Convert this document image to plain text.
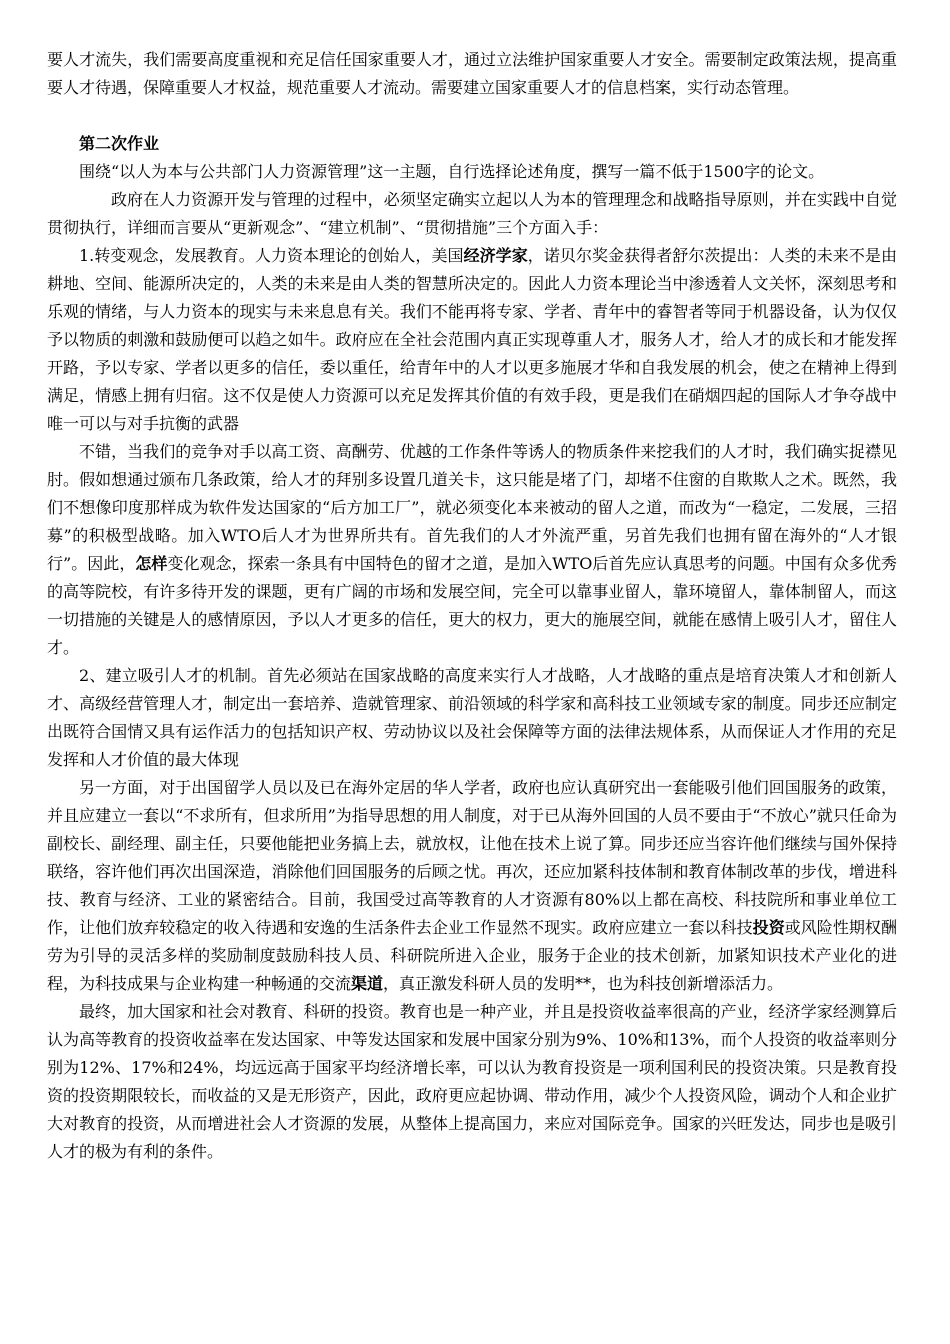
要人才流失，我们需要高度重视和充足信任国家重要人才，通过立法维护国家重要人才安全。需要制定政策法规，提高重要人才待遇，保障重要人才权益，规范重要人才流动。需要建立国家重要人才的信息档案，实行动态管理。

第二次作业

围绕“以人为本与公共部门人力资源管理”这一主题，自行选择论述角度，撰写一篇不低于1500字的论文。

政府在人力资源开发与管理的过程中，必须坚定确实立起以人为本的管理理念和战略指导原则，并在实践中自觉贯彻执行，详细而言要从“更新观念”、“建立机制”、“贯彻措施”三个方面入手：

1.转变观念，发展教育。人力资本理论的创始人，美国经济学家，诺贝尔奖金获得者舒尔茨提出：人类的未来不是由耕地、空间、能源所决定的，人类的未来是由人类的智慧所决定的。因此人力资本理论当中渗透着人文关怀，深刻思考和乐观的情绪，与人力资本的现实与未来息息有关。我们不能再将专家、学者、青年中的睿智者等同于机器设备，认为仅仅予以物质的刺激和鼓励便可以趋之如牛。政府应在全社会范围内真正实现尊重人才，服务人才，给人才的成长和才能发挥开路，予以专家、学者以更多的信任，委以重任，给青年中的人才以更多施展才华和自我发展的机会，使之在精神上得到满足，情感上拥有归宿。这不仅是使人力资源可以充足发挥其价值的有效手段，更是我们在硝烟四起的国际人才争夺战中唯一可以与对手抗衡的武器

不错，当我们的竞争对手以高工资、高酬劳、优越的工作条件等诱人的物质条件来挖我们的人才时，我们确实捉襟见肘。假如想通过颁布几条政策，给人才的拜别多设置几道关卡，这只能是堵了门，却堵不住窗的自欺欺人之术。既然，我们不想像印度那样成为软件发达国家的“后方加工厂”，就必须变化本来被动的留人之道，而改为“一稳定，二发展，三招募”的积极型战略。加入WTO后人才为世界所共有。首先我们的人才外流严重，另首先我们也拥有留在海外的“人才银行”。因此，怎样变化观念，探索一条具有中国特色的留才之道，是加入WTO后首先应认真思考的问题。中国有众多优秀的高等院校，有许多待开发的课题，更有广阔的市场和发展空间，完全可以靠事业留人，靠环境留人，靠体制留人，而这一切措施的关键是人的感情原因，予以人才更多的信任，更大的权力，更大的施展空间，就能在感情上吸引人才，留住人才。

2、建立吸引人才的机制。首先必须站在国家战略的高度来实行人才战略，人才战略的重点是培育决策人才和创新人才、高级经营管理人才，制定出一套培养、造就管理家、前沿领域的科学家和高科技工业领域专家的制度。同步还应制定出既符合国情又具有运作活力的包括知识产权、劳动协议以及社会保障等方面的法律法规体系，从而保证人才作用的充足发挥和人才价值的最大体现

另一方面，对于出国留学人员以及已在海外定居的华人学者，政府也应认真研究出一套能吸引他们回国服务的政策，并且应建立一套以“不求所有，但求所用”为指导思想的用人制度，对于已从海外回国的人员不要由于“不放心”就只任命为副校长、副经理、副主任，只要他能把业务搞上去，就放权，让他在技术上说了算。同步还应当容许他们继续与国外保持联络，容许他们再次出国深造，消除他们回国服务的后顾之忧。再次，还应加紧科技体制和教育体制改革的步伐，增进科技、教育与经济、工业的紧密结合。目前，我国受过高等教育的人才资源有80%以上都在高校、科技院所和事业单位工作，让他们放弃较稳定的收入待遇和安逸的生活条件去企业工作显然不现实。政府应建立一套以科技投资或风险性期权酬劳为引导的灵活多样的奖励制度鼓励科技人员、科研院所进入企业，服务于企业的技术创新，加紧知识技术产业化的进程，为科技成果与企业构建一种畅通的交流渠道，真正激发科研人员的发明**，也为科技创新增添活力。

最终，加大国家和社会对教育、科研的投资。教育也是一种产业，并且是投资收益率很高的产业，经济学家经测算后认为高等教育的投资收益率在发达国家、中等发达国家和发展中国家分别为9%、10%和13%，而个人投资的收益率则分别为12%、17%和24%，均远远高于国家平均经济增长率，可以认为教育投资是一项利国利民的投资决策。只是教育投资的投资期限较长，而收益的又是无形资产，因此，政府更应起协调、带动作用，减少个人投资风险，调动个人和企业扩大对教育的投资，从而增进社会人才资源的发展，从整体上提高国力，来应对国际竞争。国家的兴旺发达，同步也是吸引人才的极为有利的条件。
